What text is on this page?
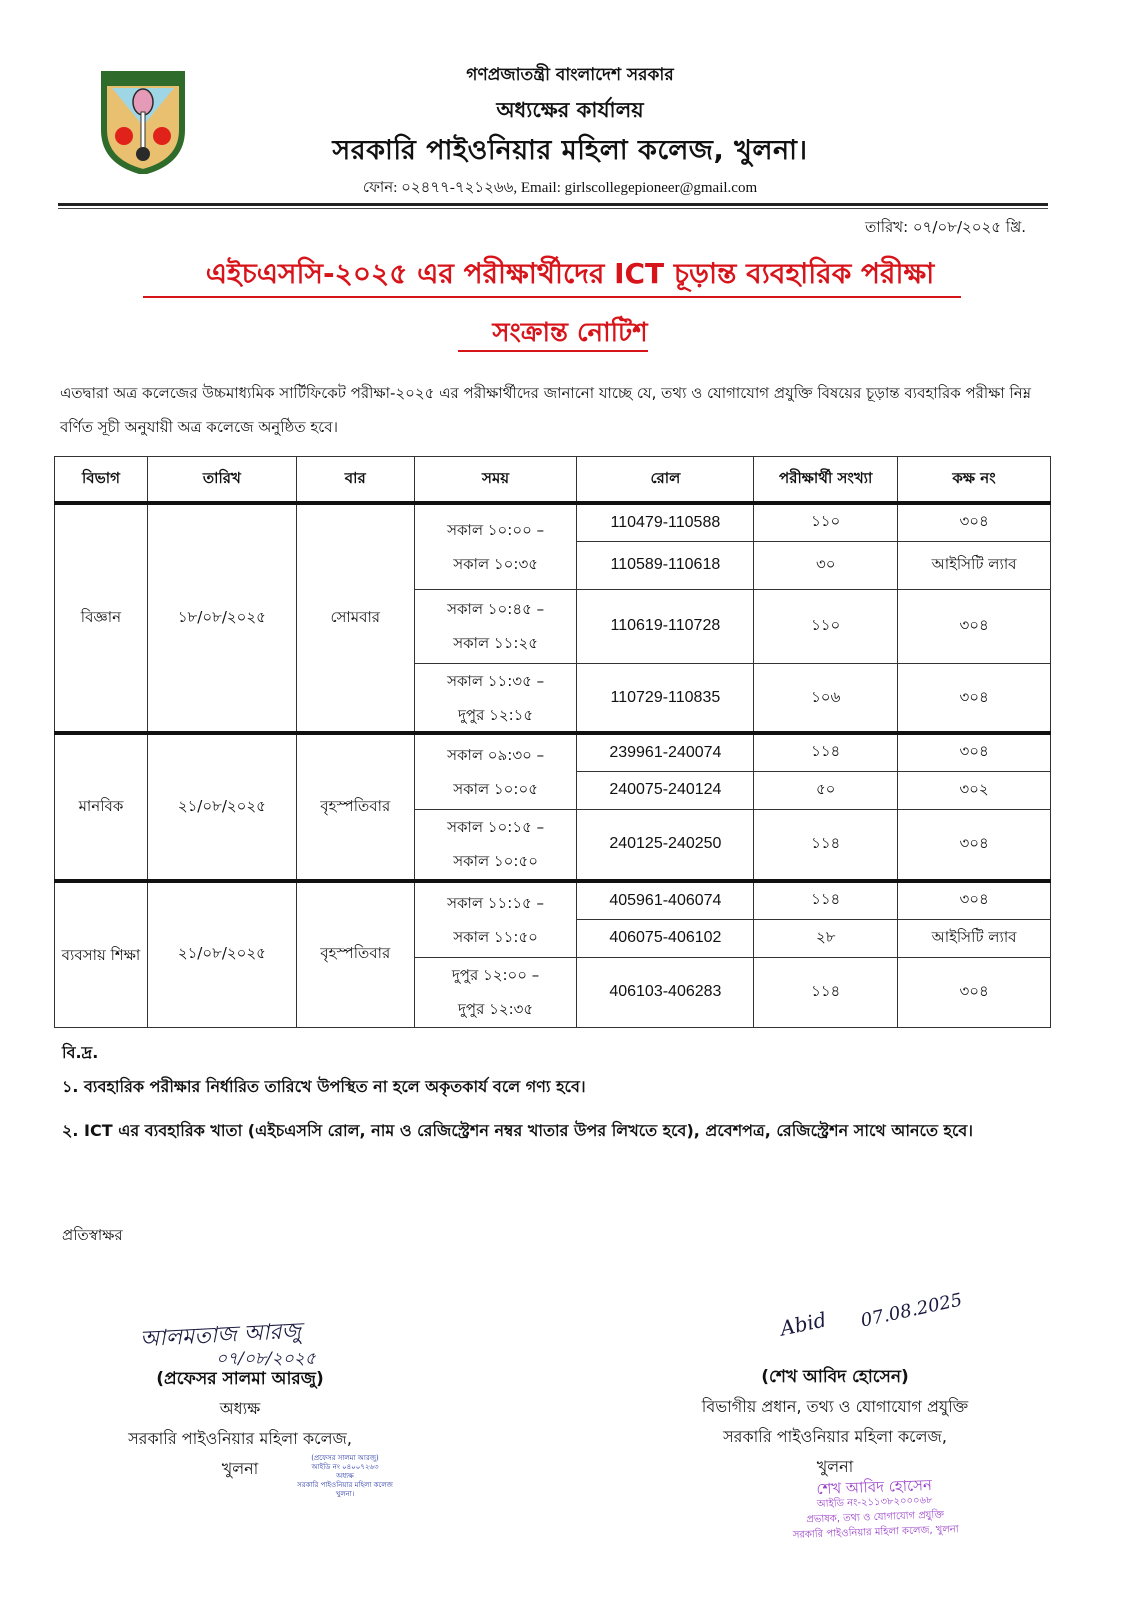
গণপ্রজাতন্ত্রী বাংলাদেশ সরকার
অধ্যক্ষের কার্যালয়
সরকারি পাইওনিয়ার মহিলা কলেজ, খুলনা।
ফোন: ০২৪৭৭-৭২১২৬৬, Email: girlscollegepioneer@gmail.com
তারিখ: ০৭/০৮/২০২৫ খ্রি.
এইচএসসি-২০২৫ এর পরীক্ষার্থীদের ICT চূড়ান্ত ব্যবহারিক পরীক্ষা
সংক্রান্ত নোটিশ
এতদ্বারা অত্র কলেজের উচ্চমাধ্যমিক সার্টিফিকেট পরীক্ষা-২০২৫ এর পরীক্ষার্থীদের জানানো যাচ্ছে যে, তথ্য ও যোগাযোগ প্রযুক্তি বিষয়ের চূড়ান্ত ব্যবহারিক পরীক্ষা নিম্ন বর্ণিত সূচী অনুযায়ী অত্র কলেজে অনুষ্ঠিত হবে।
বিভাগ	তারিখ	বার	সময়	রোল	পরীক্ষার্থী সংখ্যা	কক্ষ নং
বিজ্ঞান	১৮/০৮/২০২৫	সোমবার	সকাল ১০:০০ –
সকাল ১০:৩৫	110479-110588	১১০	৩০৪
				110589-110618	৩০	আইসিটি ল্যাব

			সকাল ১০:৪৫ –
সকাল ১১:২৫	110619-110728	১১০	৩০৪

			সকাল ১১:৩৫ –
দুপুর ১২:১৫	110729-110835	১০৬	৩০৪

মানবিক	২১/০৮/২০২৫	বৃহস্পতিবার	সকাল ০৯:৩০ –
সকাল ১০:০৫	239961-240074	১১৪	৩০৪
				240075-240124	৫০	৩০২

			সকাল ১০:১৫ –
সকাল ১০:৫০	240125-240250	১১৪	৩০৪
ব্যবসায় শিক্ষা	২১/০৮/২০২৫	বৃহস্পতিবার	সকাল ১১:১৫ –
সকাল ১১:৫০	405961-406074	১১৪	৩০৪
				406075-406102	২৮	আইসিটি ল্যাব

			দুপুর ১২:০০ –
দুপুর ১২:৩৫	406103-406283	১১৪	৩০৪
বি.দ্র.
১. ব্যবহারিক পরীক্ষার নির্ধারিত তারিখে উপস্থিত না হলে অকৃতকার্য বলে গণ্য হবে।
২. ICT এর ব্যবহারিক খাতা (এইচএসসি রোল, নাম ও রেজিস্ট্রেশন নম্বর খাতার উপর লিখতে হবে), প্রবেশপত্র, রেজিস্ট্রেশন সাথে আনতে হবে।
প্রতিস্বাক্ষর
আলমতাজ আরজু
০৭/০৮/২০২৫
(প্রফেসর সালমা আরজু)
অধ্যক্ষ
সরকারি পাইওনিয়ার মহিলা কলেজ,
খুলনা
(প্রফেসর সালমা আরজু)
আইডি নং ০৪০০৭২৬৩
অধ্যক্ষ
সরকারি পাইওনিয়ার মহিলা কলেজ
খুলনা।
Abid 07.08.2025
(শেখ আবিদ হোসেন)
বিভাগীয় প্রধান, তথ্য ও যোগাযোগ প্রযুক্তি
সরকারি পাইওনিয়ার মহিলা কলেজ,
খুলনা
শেখ আবিদ হোসেন
আইডি নং-২১১৩৮২০০০৬৮
প্রভাষক, তথ্য ও যোগাযোগ প্রযুক্তি
সরকারি পাইওনিয়ার মহিলা কলেজ, খুলনা
